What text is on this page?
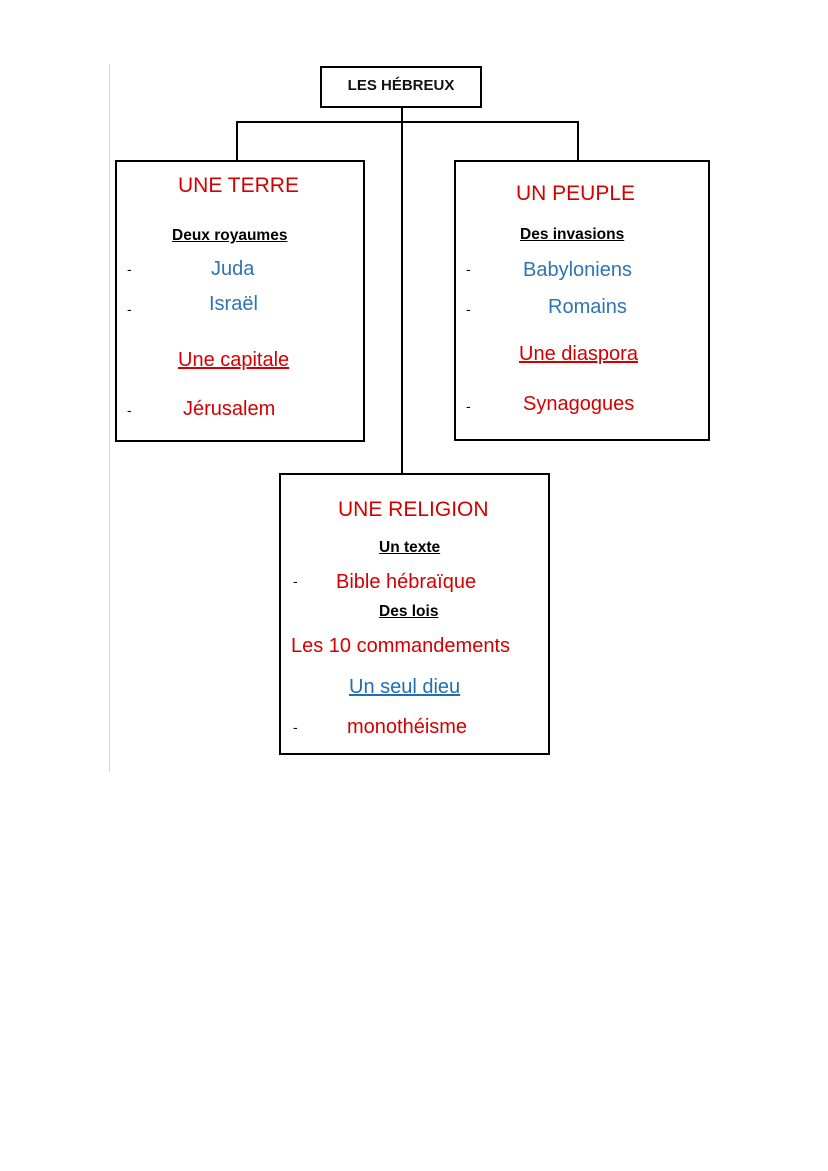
LES HÉBREUX
UNE TERRE
Deux royaumes
-	Juda
-	Israël
Une capitale
-	Jérusalem
UN PEUPLE
Des invasions
-	Babyloniens
-	Romains
Une diaspora
-	Synagogues
UNE RELIGION
Un texte
- Bible hébraïque
Des lois
Les 10 commandements
Un seul dieu
- monothéisme
